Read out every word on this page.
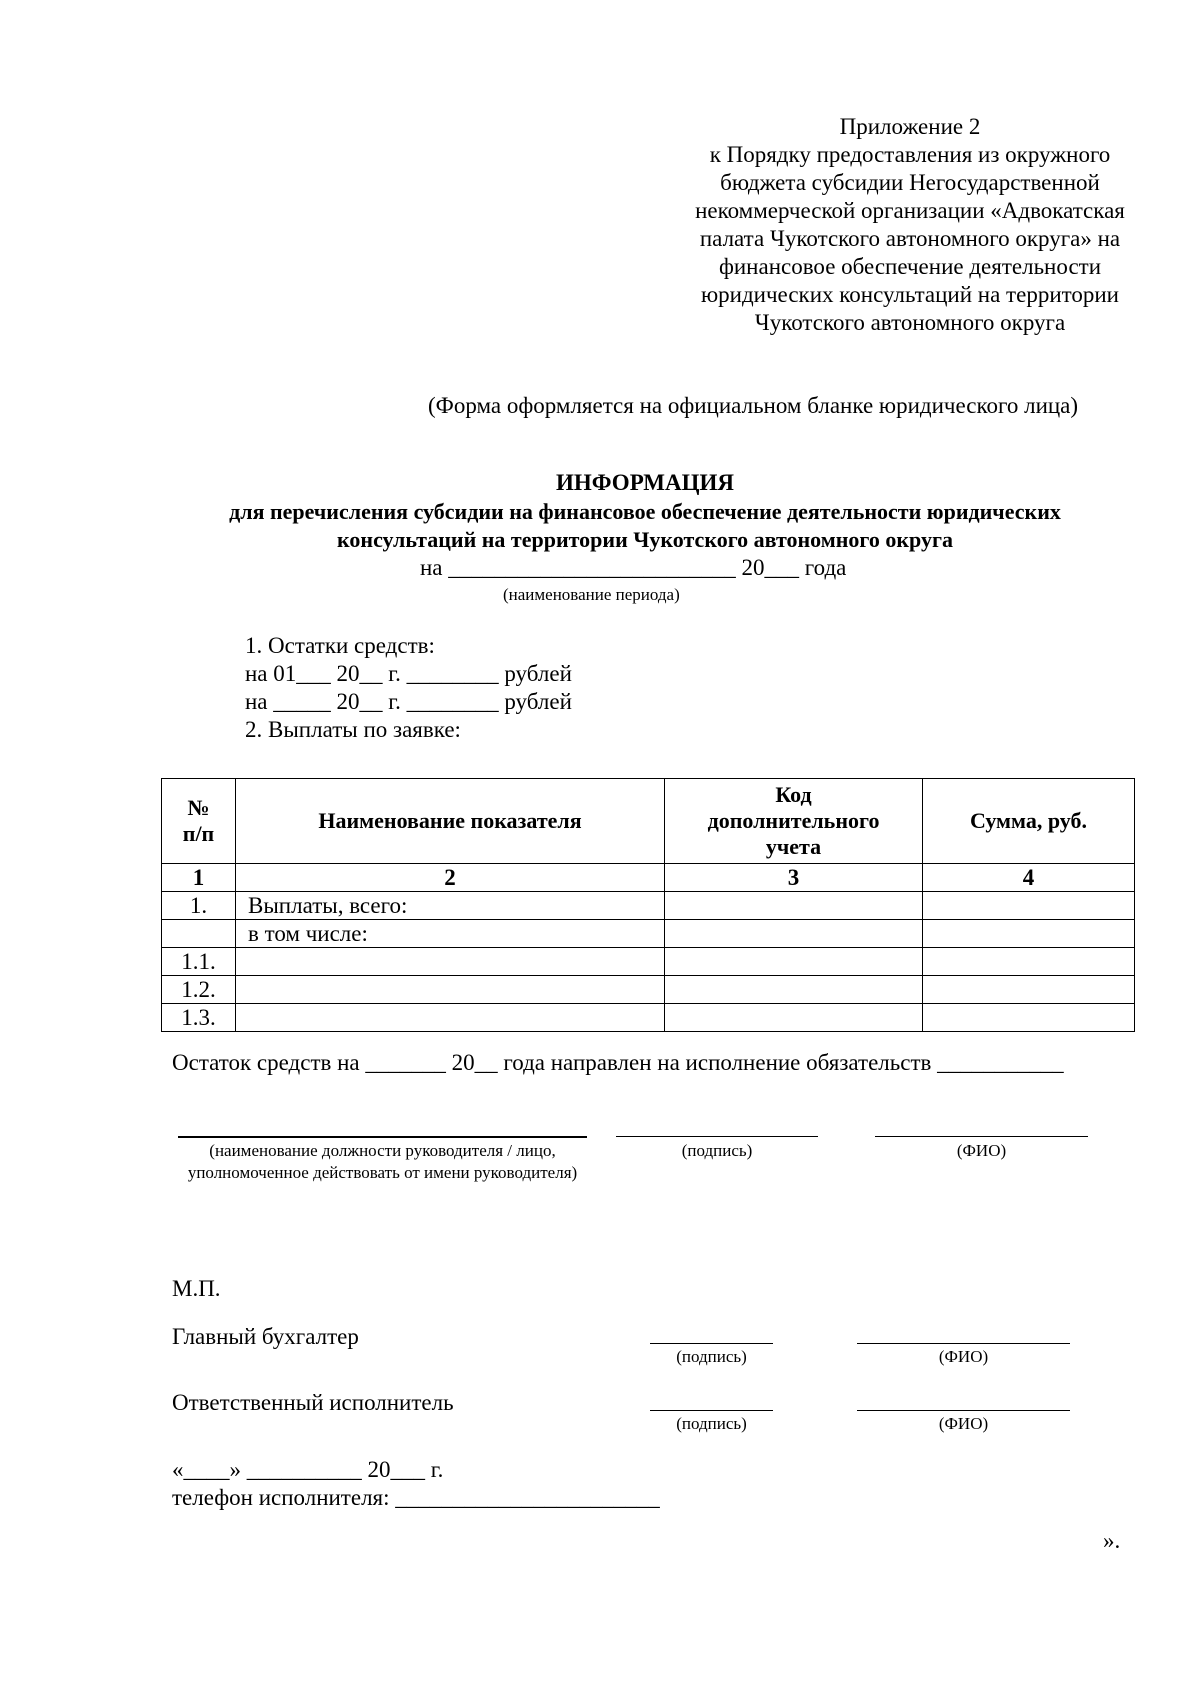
Приложение 2
к Порядку предоставления из окружного
бюджета субсидии Негосударственной
некоммерческой организации «Адвокатская
палата Чукотского автономного округа» на
финансовое обеспечение деятельности
юридических консультаций на территории
Чукотского автономного округа
(Форма оформляется на официальном бланке юридического лица)
ИНФОРМАЦИЯ
для перечисления субсидии на финансовое обеспечение деятельности юридических
консультаций на территории Чукотского автономного округа
на _________________________ 20___ года
(наименование периода)
1. Остатки средств:
на 01___ 20__ г. ________ рублей
на _____ 20__ г. ________ рублей
2. Выплаты по заявке:
№ п/п	Наименование показателя	Код дополнительного учета	Сумма, руб.
1	2	3	4
1.	Выплаты, всего:		
	в том числе:		
1.1.			
1.2.			
1.3.			
Остаток средств на _______ 20__ года направлен на исполнение обязательств ___________
(наименование должности руководителя / лицо, уполномоченное действовать от имени руководителя)
(подпись)	(ФИО)
М.П.
Главный бухгалтер
(подпись)	(ФИО)
Ответственный исполнитель
(подпись)	(ФИО)
«____» __________ 20___ г.
телефон исполнителя: _______________________
».
